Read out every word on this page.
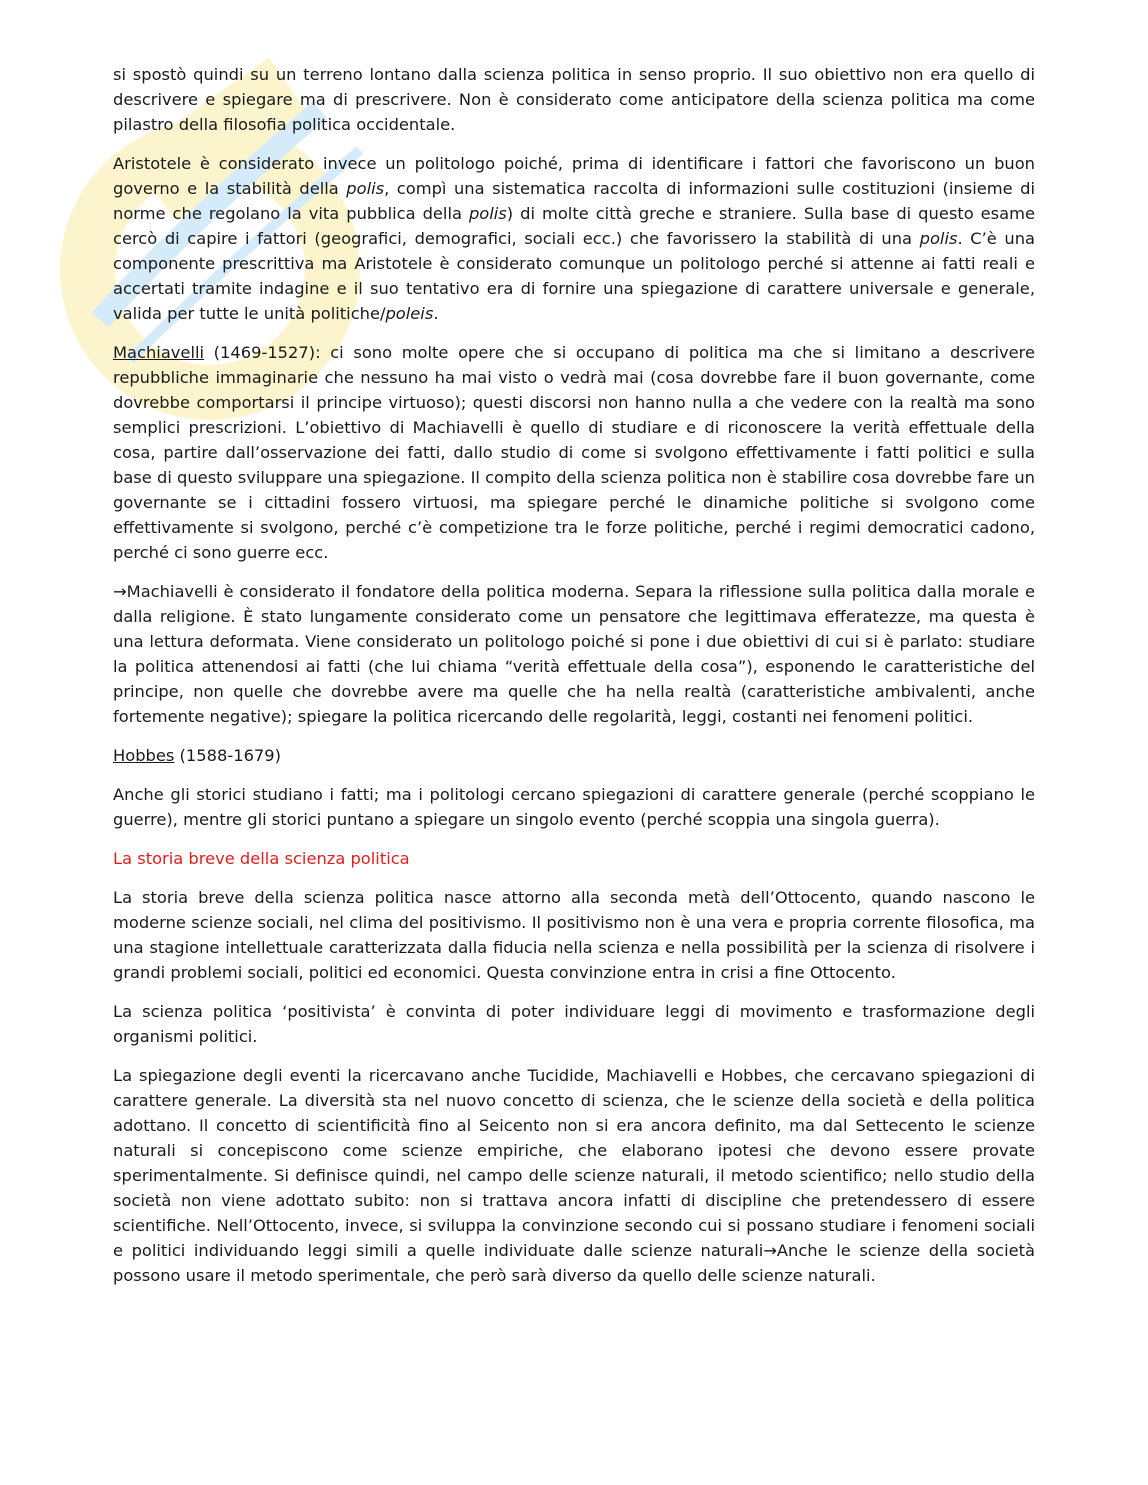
si spostò quindi su un terreno lontano dalla scienza politica in senso proprio. Il suo obiettivo non era quello di descrivere e spiegare ma di prescrivere. Non è considerato come anticipatore della scienza politica ma come pilastro della filosofia politica occidentale.

Aristotele è considerato invece un politologo poiché, prima di identificare i fattori che favoriscono un buon governo e la stabilità della polis, compì una sistematica raccolta di informazioni sulle costituzioni (insieme di norme che regolano la vita pubblica della polis) di molte città greche e straniere. Sulla base di questo esame cercò di capire i fattori (geografici, demografici, sociali ecc.) che favorissero la stabilità di una polis. C’è una componente prescrittiva ma Aristotele è considerato comunque un politologo perché si attenne ai fatti reali e accertati tramite indagine e il suo tentativo era di fornire una spiegazione di carattere universale e generale, valida per tutte le unità politiche/poleis.

Machiavelli (1469-1527): ci sono molte opere che si occupano di politica ma che si limitano a descrivere repubbliche immaginarie che nessuno ha mai visto o vedrà mai (cosa dovrebbe fare il buon governante, come dovrebbe comportarsi il principe virtuoso); questi discorsi non hanno nulla a che vedere con la realtà ma sono semplici prescrizioni. L’obiettivo di Machiavelli è quello di studiare e di riconoscere la verità effettuale della cosa, partire dall’osservazione dei fatti, dallo studio di come si svolgono effettivamente i fatti politici e sulla base di questo sviluppare una spiegazione. Il compito della scienza politica non è stabilire cosa dovrebbe fare un governante se i cittadini fossero virtuosi, ma spiegare perché le dinamiche politiche si svolgono come effettivamente si svolgono, perché c’è competizione tra le forze politiche, perché i regimi democratici cadono, perché ci sono guerre ecc.

→Machiavelli è considerato il fondatore della politica moderna. Separa la riflessione sulla politica dalla morale e dalla religione. È stato lungamente considerato come un pensatore che legittimava efferatezze, ma questa è una lettura deformata. Viene considerato un politologo poiché si pone i due obiettivi di cui si è parlato: studiare la politica attenendosi ai fatti (che lui chiama “verità effettuale della cosa”), esponendo le caratteristiche del principe, non quelle che dovrebbe avere ma quelle che ha nella realtà (caratteristiche ambivalenti, anche fortemente negative); spiegare la politica ricercando delle regolarità, leggi, costanti nei fenomeni politici.

Hobbes (1588-1679)

Anche gli storici studiano i fatti; ma i politologi cercano spiegazioni di carattere generale (perché scoppiano le guerre), mentre gli storici puntano a spiegare un singolo evento (perché scoppia una singola guerra).

La storia breve della scienza politica

La storia breve della scienza politica nasce attorno alla seconda metà dell’Ottocento, quando nascono le moderne scienze sociali, nel clima del positivismo. Il positivismo non è una vera e propria corrente filosofica, ma una stagione intellettuale caratterizzata dalla fiducia nella scienza e nella possibilità per la scienza di risolvere i grandi problemi sociali, politici ed economici. Questa convinzione entra in crisi a fine Ottocento.

La scienza politica ‘positivista’ è convinta di poter individuare leggi di movimento e trasformazione degli organismi politici.

La spiegazione degli eventi la ricercavano anche Tucidide, Machiavelli e Hobbes, che cercavano spiegazioni di carattere generale. La diversità sta nel nuovo concetto di scienza, che le scienze della società e della politica adottano. Il concetto di scientificità fino al Seicento non si era ancora definito, ma dal Settecento le scienze naturali si concepiscono come scienze empiriche, che elaborano ipotesi che devono essere provate sperimentalmente. Si definisce quindi, nel campo delle scienze naturali, il metodo scientifico; nello studio della società non viene adottato subito: non si trattava ancora infatti di discipline che pretendessero di essere scientifiche. Nell’Ottocento, invece, si sviluppa la convinzione secondo cui si possano studiare i fenomeni sociali e politici individuando leggi simili a quelle individuate dalle scienze naturali→Anche le scienze della società possono usare il metodo sperimentale, che però sarà diverso da quello delle scienze naturali.
